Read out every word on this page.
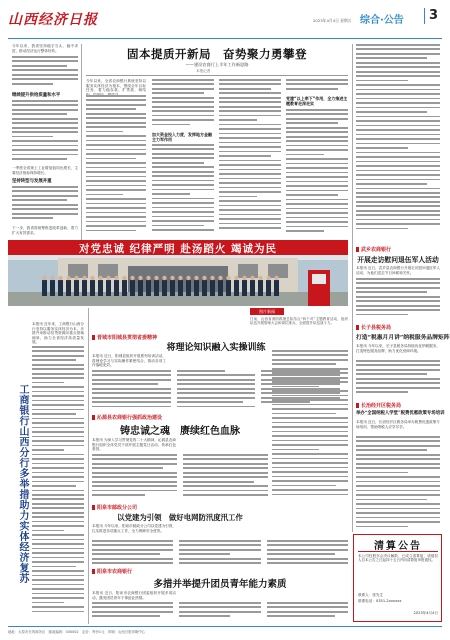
山西经济日报	2023年4月4日 星期五 综合·公告	3
今年以来，我省坚持稳字当头、稳中求进，推动经济运行整体好转。
继续提升供给质量和水平
一季度全省规上工业增加值同比增长，主要经济指标保持增长。
坚持转型与发展并重
下一步，我省将统筹推进改革创新，着力扩大有效需求。
固本提质开新局　奋势聚力勇攀登
——建设农商行上半年工作新思路
本报记者
今年以来，全省农商银行系统坚持以服务实体经济为根本，围绕全年目标任务，着力稳存款、扩贷款、调结
加大资金投入力度，发挥地方金融主力军作用
党建“以上率下”作用，全力推进主题教育走深走实
对党忠诚 纪律严明 赴汤蹈火 竭诚为民
图片新闻
日前，山西省消防救援总队结合“四个对”主题教育活动，组织队伍开展誓师大会和岗位练兵，全面提升队伍战斗力。
武乡农商银行
开展走访慰问退伍军人活动
本报讯 近日，武乡县农商银行开展走访慰问退伍军人活动，为他们送去节日问候和关怀。
长子县税务局
打造“税惠月月讲”纳税服务品牌矩阵
本报讯 今年以来，长子县税务局持续优化纳税服务，打造特色服务品牌，助力优化营商环境。
长治经开区税务局
举办“全国纳税人学堂”税费优惠政策专场培训
本报讯 近日，长治经开区税务局举办税费优惠政策专场培训，帮助纳税人应享尽享。
清算公告
本公司经股东会决议解散，已成立清算组，请债权人自本公告之日起四十五日内向清算组申报债权。
联系人：张先生
联系电话：0351-2xxxxxx
2023年4月4日
工商银行山西分行多举措助力实体经济复苏
本报讯 近年来，工商银行山西分行坚持以服务实体经济为本，多措并举推动信贷资源向重点领域倾斜，助力全省经济高质量发展。
晋城市阳城县贯彻省委精神
将理论知识融入实操训练
本报讯 近日，阳城县组织开展系列培训活动，将理论学习与实际操作紧密结合，推动各项工作落地见效。
沁源县农商银行强抓政治建设
铸忠诚之魂　赓续红色血脉
本报讯 为深入学习贯彻党的二十大精神，沁源县农商银行组织全体党员干部开展主题党日活动，传承红色基因。
阳泉市邮政分公司
以党建为引领　做好电网防汛度汛工作
本报讯 今年以来，阳泉市邮政分公司以党建为引领，扎实推进各项重点工作，全力保障安全度汛。
阳泉市农商银行
多措并举提升团员青年能力素质
本报讯 近日，阳泉市农商银行团委组织开展多项活动，激发团员青年干事创业热情。
地址：太原市长风商务区　邮政编码：030002　定价：每份1元　印刷：山西日报印刷中心
